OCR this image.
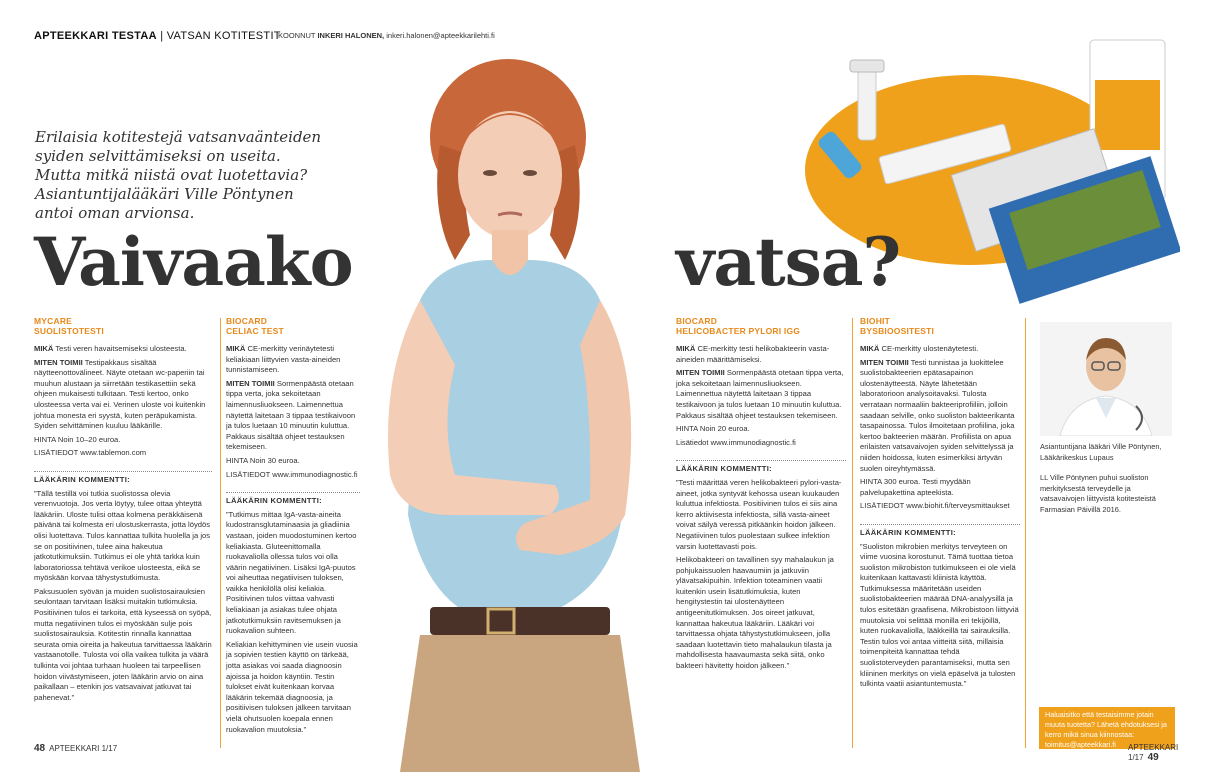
APTEEKKARI TESTAA | VATSAN KOTITESTIT
KOONNUT INKERI HALONEN, inkeri.halonen@apteekkarilehti.fi
Erilaisia kotitestejä vatsanvaänteiden syiden selvittämiseksi on useita. Mutta mitkä niistä ovat luotettavia? Asiantuntijalääkäri Ville Pöntynen antoi oman arvionsa.
Vaivaako	vatsa?
MYCARE
SUOLISTOTESTI

MIKÄ Testi veren havaitsemiseksi ulosteesta.

MITEN TOIMII Testipakkaus sisältää näytteenottovälineet. Näyte otetaan wc-paperiin tai muuhun alustaan ja siirretään testikasettiin sekä ohjeen mukaisesti tulkitaan. Testi kertoo, onko ulosteessa verta vai ei. Verinen uloste voi kuitenkin johtua monesta eri syystä, kuten peräpukamista. Syiden selvittäminen kuuluu lääkärille.

HINTA Noin 10–20 euroa.

LISÄTIEDOT www.tablemon.com

LÄÄKÄRIN KOMMENTTI:

”Tällä testillä voi tutkia suolistossa olevia verenvuotoja. Jos verta löytyy, tulee ottaa yhteyttä lääkäriin. Uloste tulisi ottaa kolmena peräkkäisenä päivänä tai kolmesta eri ulostuskerrasta, jotta löydös olisi luotettava. Tulos kannattaa tulkita huolella ja jos se on positiivinen, tulee aina hakeutua jatkotutkimuksiin. Tutkimus ei ole yhtä tarkka kuin laboratoriossa tehtävä verikoe ulosteesta, eikä se myöskään korvaa tähystystutkimusta.

Paksusuolen syövän ja muiden suolistosairauksien seulontaan tarvitaan lisäksi muitakin tutkimuksia. Positiivinen tulos ei tarkoita, että kyseessä on syöpä, mutta negatiivinen tulos ei myöskään sulje pois suolistosairauksia. Kotitestin rinnalla kannattaa seurata omia oireita ja hakeutua tarvittaessa lääkärin vastaanotolle. Tulosta voi olla vaikea tulkita ja väärä tulkinta voi johtaa turhaan huoleen tai tarpeellisen hoidon viivästymiseen, joten lääkärin arvio on aina paikallaan – etenkin jos vatsavaivat jatkuvat tai pahenevat.”

BIOCARD
CELIAC TEST

MIKÄ CE-merkitty verinäytetesti keliakiaan liittyvien vasta-aineiden tunnistamiseen.

MITEN TOIMII Sormenpäästä otetaan tippa verta, joka sekoitetaan laimennusliuokseen. Laimennettua näytettä laitetaan 3 tippaa testikaivoon ja tulos luetaan 10 minuutin kuluttua. Pakkaus sisältää ohjeet testauksen tekemiseen.

HINTA Noin 30 euroa.

LISÄTIEDOT www.immunodiagnostic.fi

LÄÄKÄRIN KOMMENTTI:

”Tutkimus mittaa IgA-vasta-aineita kudostransglutaminaasia ja gliadiinia vastaan, joiden muodostuminen kertoo keliakiasta. Gluteenittomalla ruokavaliolla ollessa tulos voi olla väärin negatiivinen. Lisäksi IgA-puutos voi aiheuttaa negatiivisen tuloksen, vaikka henkilöllä olisi keliakia. Positiivinen tulos viittaa vahvasti keliakiaan ja asiakas tulee ohjata jatkotutkimuksiin ravitsemuksen ja ruokavalion suhteen.

Keliakian kehittyminen vie usein vuosia ja sopivien testien käyttö on tärkeää, jotta asiakas voi saada diagnoosin ajoissa ja hoidon käyntiin. Testin tulokset eivät kuitenkaan korvaa lääkärin tekemää diagnoosia, ja positiivisen tuloksen jälkeen tarvitaan vielä ohutsuolen koepala ennen ruokavalion muutoksia.”

BIOCARD
HELICOBACTER PYLORI IGG

MIKÄ CE-merkitty testi helikobakteerin vasta-aineiden määrittämiseksi.

MITEN TOIMII Sormenpäästä otetaan tippa verta, joka sekoitetaan laimennusliuokseen. Laimennettua näytettä laitetaan 3 tippaa testikaivoon ja tulos luetaan 10 minuutin kuluttua. Pakkaus sisältää ohjeet testauksen tekemiseen.

HINTA Noin 20 euroa.

Lisätiedot www.immunodiagnostic.fi

LÄÄKÄRIN KOMMENTTI:

”Testi määrittää veren helikobakteeri pylori-vasta-aineet, jotka syntyvät kehossa usean kuukauden kuluttua infektiosta. Positiivinen tulos ei siis aina kerro aktiivisesta infektiosta, sillä vasta-aineet voivat säilyä veressä pitkäänkin hoidon jälkeen. Negatiivinen tulos puolestaan sulkee infektion varsin luotettavasti pois.

Helikobakteeri on tavallinen syy mahalaukun ja pohjukaissuolen haavaumiin ja jatkuviin ylävatsakipuihin. Infektion toteaminen vaatii kuitenkin usein lisätutkimuksia, kuten hengitystestin tai ulostenäytteen antigeenitutkimuksen. Jos oireet jatkuvat, kannattaa hakeutua lääkäriin. Lääkäri voi tarvittaessa ohjata tähystystutkimukseen, jolla saadaan luotettavin tieto mahalaukun tilasta ja mahdollisesta haavaumasta sekä siitä, onko bakteeri hävitetty hoidon jälkeen.”

BIOHIT
BYSBIOOSITESTI

MIKÄ CE-merkitty ulostenäytetesti.

MITEN TOIMII Testi tunnistaa ja luokittelee suolistobakteerien epätasapainon ulostenäytteestä. Näyte lähetetään laboratorioon analysoitavaksi. Tulosta verrataan normaaliin bakteeriprofiiliin, jolloin saadaan selville, onko suoliston bakteerikanta tasapainossa. Tulos ilmoitetaan profiilina, joka kertoo bakteerien määrän. Profiilista on apua erilaisten vatsavaivojen syiden selvittelyssä ja niiden hoidossa, kuten esimerkiksi ärtyvän suolen oireyhtymässä.

HINTA 300 euroa. Testi myydään palvelupakettina apteekista.

LISÄTIEDOT www.biohit.fi/terveysmittaukset

LÄÄKÄRIN KOMMENTTI:

”Suoliston mikrobien merkitys terveyteen on viime vuosina korostunut. Tämä tuottaa tietoa suoliston mikrobiston tutkimukseen ei ole vielä kuitenkaan kattavasti kliinistä käyttöä. Tutkimuksessa määritetään useiden suolistobakteerien määrää DNA-analyysillä ja tulos esitetään graafisena. Mikrobistoon liittyviä muutoksia voi selittää monilla eri tekijöillä, kuten ruokavaliolla, lääkkeillä tai sairauksilla. Testin tulos voi antaa viitteitä siitä, millaisia toimenpiteitä kannattaa tehdä suolistoterveyden parantamiseksi, mutta sen kliininen merkitys on vielä epäselvä ja tulosten tulkinta vaatii asiantuntemusta.”

Asiantuntijana lääkäri Ville Pöntynen, Lääkärikeskus Lupaus

LL Ville Pöntynen puhui suoliston merkityksestä terveydelle ja vatsavaivojen liittyvistä kotitesteistä Farmasian Päivillä 2016.

Haluaisitko että testaisimme jotain muuta tuotetta? Lähetä ehdotuksesi ja kerro mikä sinua kiinnostaa: toimitus@apteekkari.fi
48 APTEEKKARI 1/17	APTEEKKARI 1/17 49
